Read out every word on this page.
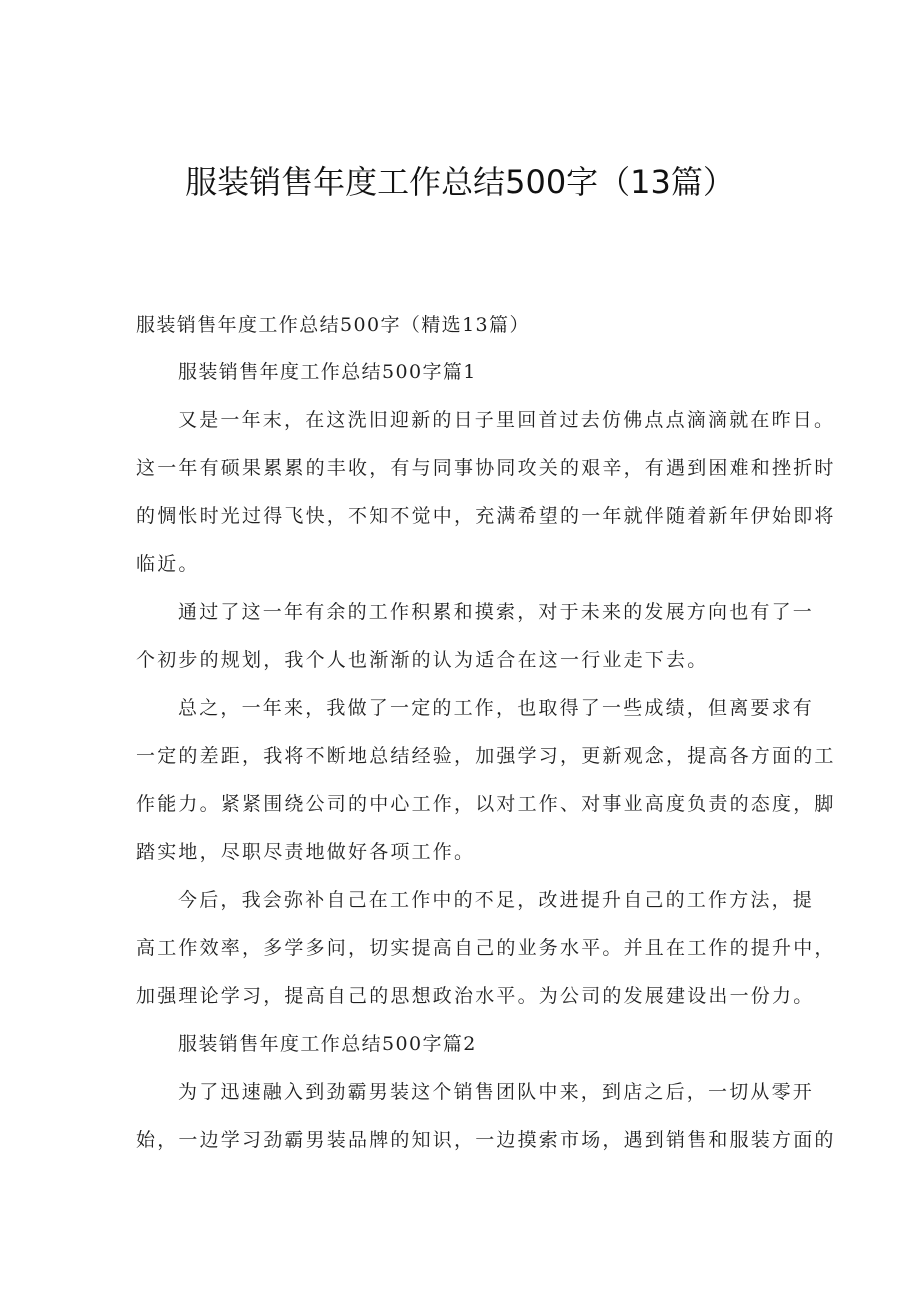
服装销售年度工作总结500字（13篇）
服装销售年度工作总结500字（精选13篇）
服装销售年度工作总结500字篇1
又是一年末，在这洗旧迎新的日子里回首过去仿佛点点滴滴就在昨日。
这一年有硕果累累的丰收，有与同事协同攻关的艰辛，有遇到困难和挫折时
的惆怅时光过得飞快，不知不觉中，充满希望的一年就伴随着新年伊始即将
临近。
通过了这一年有余的工作积累和摸索，对于未来的发展方向也有了一
个初步的规划，我个人也渐渐的认为适合在这一行业走下去。
总之，一年来，我做了一定的工作，也取得了一些成绩，但离要求有
一定的差距，我将不断地总结经验，加强学习，更新观念，提高各方面的工
作能力。紧紧围绕公司的中心工作，以对工作、对事业高度负责的态度，脚
踏实地，尽职尽责地做好各项工作。
今后，我会弥补自己在工作中的不足，改进提升自己的工作方法，提
高工作效率，多学多问，切实提高自己的业务水平。并且在工作的提升中，
加强理论学习，提高自己的思想政治水平。为公司的发展建设出一份力。
服装销售年度工作总结500字篇2
为了迅速融入到劲霸男装这个销售团队中来，到店之后，一切从零开
始，一边学习劲霸男装品牌的知识，一边摸索市场，遇到销售和服装方面的
